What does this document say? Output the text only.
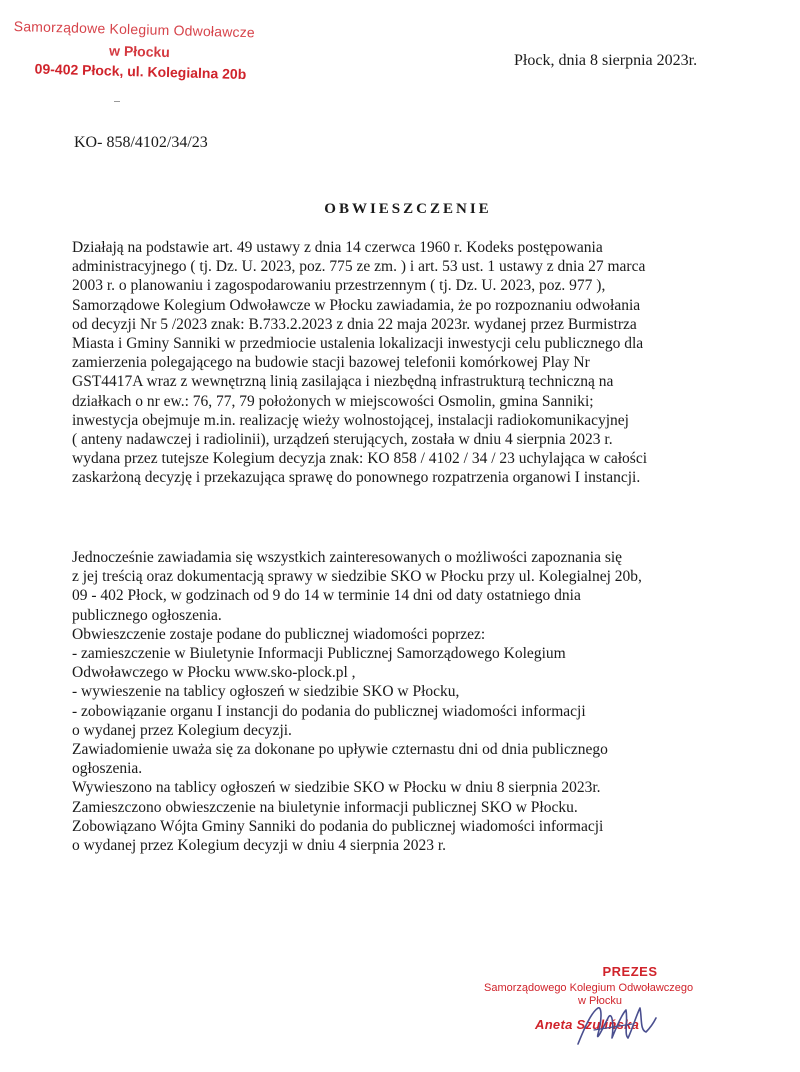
Samorządowe Kolegium Odwoławcze
w Płocku
09-402 Płock, ul. Kolegialna 20b
Płock, dnia 8 sierpnia 2023r.
KO- 858/4102/34/23
OBWIESZCZENIE

Działają na podstawie art. 49 ustawy z dnia 14 czerwca 1960 r. Kodeks postępowania

administracyjnego ( tj. Dz. U. 2023, poz. 775 ze zm. ) i art. 53 ust. 1 ustawy z dnia 27 marca

2003 r. o planowaniu i zagospodarowaniu przestrzennym ( tj. Dz. U. 2023, poz. 977 ),

Samorządowe Kolegium Odwoławcze w Płocku zawiadamia, że po rozpoznaniu odwołania

od decyzji Nr 5 /2023 znak: B.733.2.2023 z dnia 22 maja 2023r. wydanej przez Burmistrza

Miasta i Gminy Sanniki w przedmiocie ustalenia lokalizacji inwestycji celu publicznego dla

zamierzenia polegającego na budowie stacji bazowej telefonii komórkowej Play Nr

GST4417A wraz z wewnętrzną linią zasilająca i niezbędną infrastrukturą techniczną na

działkach o nr ew.: 76, 77, 79 położonych w miejscowości Osmolin, gmina Sanniki;

inwestycja obejmuje m.in. realizację wieży wolnostojącej, instalacji radiokomunikacyjnej

( anteny nadawczej i radiolinii), urządzeń sterujących, została w dniu 4 sierpnia 2023 r.

wydana przez tutejsze Kolegium decyzja znak: KO 858 / 4102 / 34 / 23 uchylająca w całości

zaskarżoną decyzję i przekazująca sprawę do ponownego rozpatrzenia organowi I instancji.

Jednocześnie zawiadamia się wszystkich zainteresowanych o możliwości zapoznania się

z jej treścią oraz dokumentacją sprawy w siedzibie SKO w Płocku przy ul. Kolegialnej 20b,

09 - 402 Płock, w godzinach od 9 do 14 w terminie 14 dni od daty ostatniego dnia

publicznego ogłoszenia.

Obwieszczenie zostaje podane do publicznej wiadomości poprzez:

- zamieszczenie w Biuletynie Informacji Publicznej Samorządowego Kolegium

Odwoławczego w Płocku www.sko-plock.pl ,

- wywieszenie na tablicy ogłoszeń w siedzibie SKO w Płocku,

- zobowiązanie organu I instancji do podania do publicznej wiadomości informacji

o wydanej przez Kolegium decyzji.

Zawiadomienie uważa się za dokonane po upływie czternastu dni od dnia publicznego

ogłoszenia.

Wywieszono na tablicy ogłoszeń w siedzibie SKO w Płocku w dniu 8 sierpnia 2023r.

Zamieszczono obwieszczenie na biuletynie informacji publicznej SKO w Płocku.

Zobowiązano Wójta Gminy Sanniki do podania do publicznej wiadomości informacji

o wydanej przez Kolegium decyzji w dniu 4 sierpnia 2023 r.

PREZES
Samorządowego Kolegium Odwoławczego
w Płocku
Aneta Szulińska
